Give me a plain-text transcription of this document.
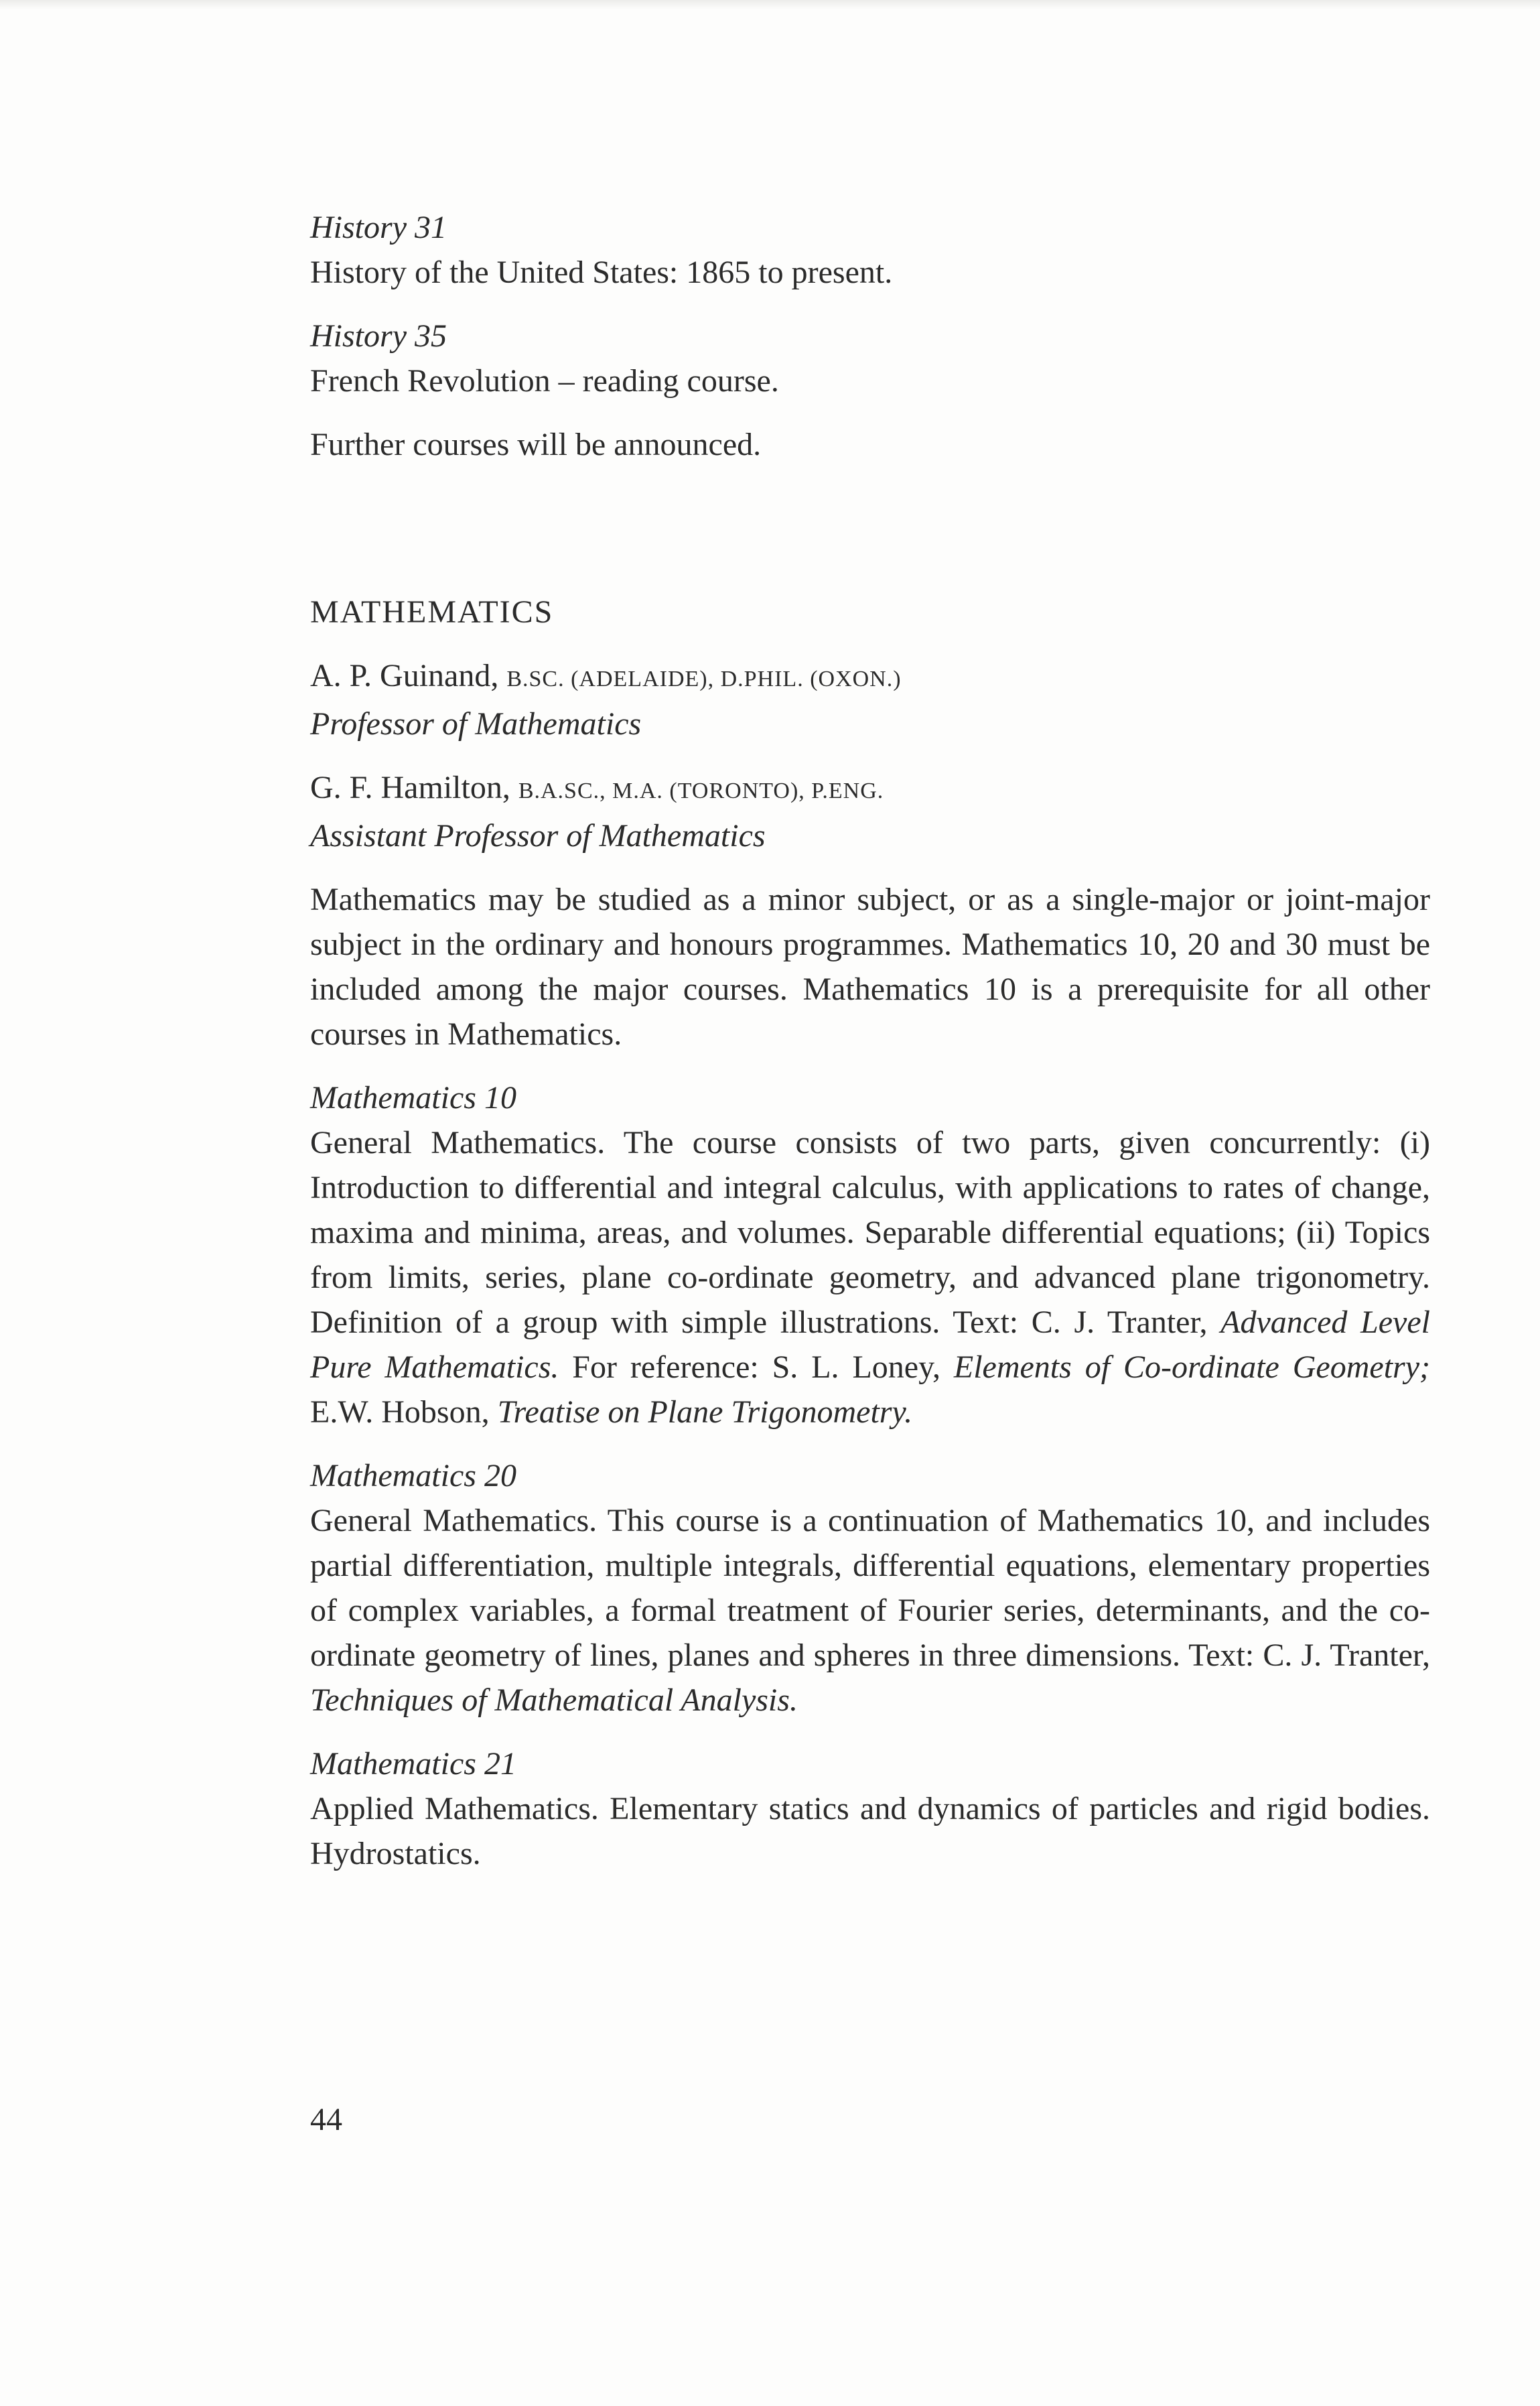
History 31

History of the United States: 1865 to present.

History 35

French Revolution – reading course.

Further courses will be announced.

MATHEMATICS

A. P. Guinand, B.SC. (ADELAIDE), D.PHIL. (OXON.)

Professor of Mathematics

G. F. Hamilton, B.A.SC., M.A. (TORONTO), P.ENG.

Assistant Professor of Mathematics

Mathematics may be studied as a minor subject, or as a single-major or joint-major subject in the ordinary and honours programmes. Mathematics 10, 20 and 30 must be included among the major courses. Mathematics 10 is a prerequisite for all other courses in Mathematics.

Mathematics 10

General Mathematics. The course consists of two parts, given concurrently: (i) Introduction to differential and integral calculus, with applications to rates of change, maxima and minima, areas, and volumes. Separable differential equations; (ii) Topics from limits, series, plane co-ordinate geometry, and advanced plane trigonometry. Definition of a group with simple illustrations. Text: C. J. Tranter, Advanced Level Pure Mathematics. For reference: S. L. Loney, Elements of Co-ordinate Geometry; E.W. Hobson, Treatise on Plane Trigonometry.

Mathematics 20

General Mathematics. This course is a continuation of Mathematics 10, and includes partial differentiation, multiple integrals, differential equations, elementary properties of complex variables, a formal treatment of Fourier series, determinants, and the co-ordinate geometry of lines, planes and spheres in three dimensions. Text: C. J. Tranter, Techniques of Mathematical Analysis.

Mathematics 21

Applied Mathematics. Elementary statics and dynamics of particles and rigid bodies. Hydrostatics.

44
